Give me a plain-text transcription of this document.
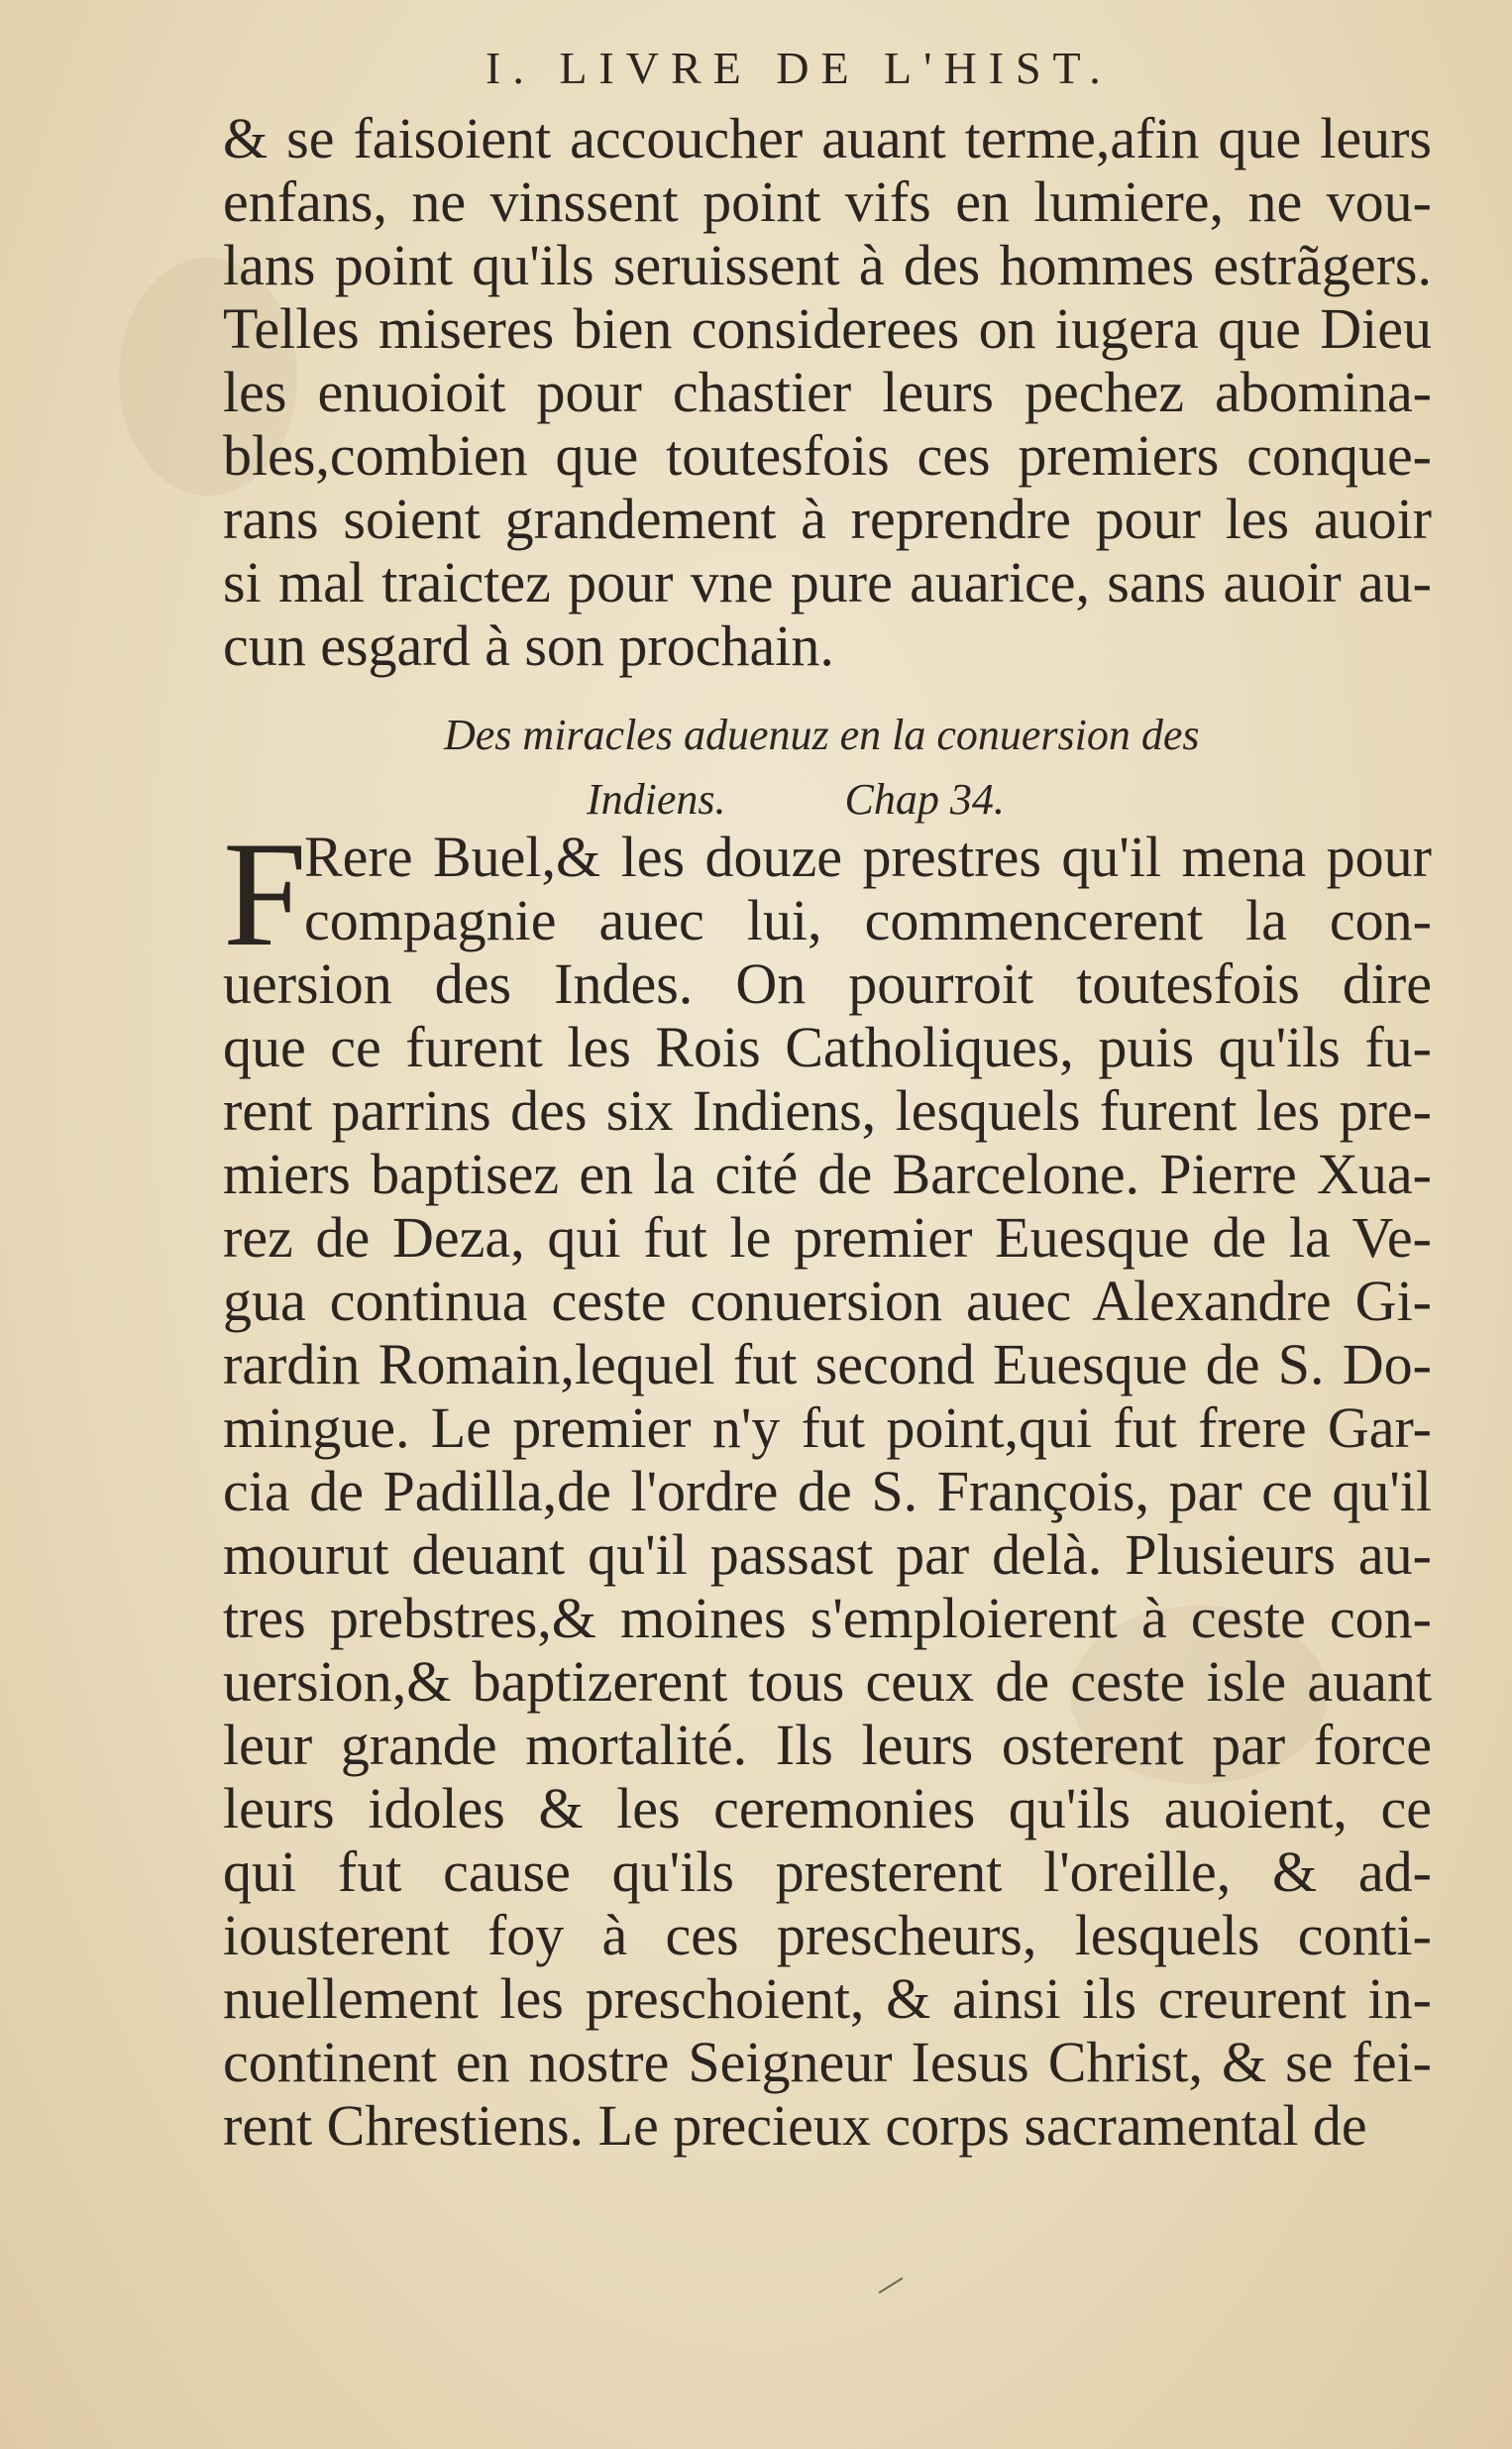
I. LIVRE DE L'HIST.
& se faisoient accoucher auant terme,afin que leurs
enfans, ne vinssent point vifs en lumiere, ne vou-
lans point qu'ils seruissent à des hommes estrãgers.
Telles miseres bien considerees on iugera que Dieu
les enuoioit pour chastier leurs pechez abomina-
bles,combien que toutesfois ces premiers conque-
rans soient grandement à reprendre pour les auoir
si mal traictez pour vne pure auarice, sans auoir au-
cun esgard à son prochain.
Des miracles aduenuz en la conuersion des
Indiens.	Chap 34.
F
Rere Buel,& les douze prestres qu'il mena pour
compagnie auec lui, commencerent la con-
uersion des Indes. On pourroit toutesfois dire
que ce furent les Rois Catholiques, puis qu'ils fu-
rent parrins des six Indiens, lesquels furent les pre-
miers baptisez en la cité de Barcelone. Pierre Xua-
rez de Deza, qui fut le premier Euesque de la Ve-
gua continua ceste conuersion auec Alexandre Gi-
rardin Romain,lequel fut second Euesque de S. Do-
mingue. Le premier n'y fut point,qui fut frere Gar-
cia de Padilla,de l'ordre de S. François, par ce qu'il
mourut deuant qu'il passast par delà. Plusieurs au-
tres prebstres,& moines s'emploierent à ceste con-
uersion,& baptizerent tous ceux de ceste isle auant
leur grande mortalité. Ils leurs osterent par force
leurs idoles & les ceremonies qu'ils auoient, ce
qui fut cause qu'ils presterent l'oreille, & ad-
iousterent foy à ces prescheurs, lesquels conti-
nuellement les preschoient, & ainsi ils creurent in-
continent en nostre Seigneur Iesus Christ, & se fei-
rent Chrestiens. Le precieux corps sacramental de
